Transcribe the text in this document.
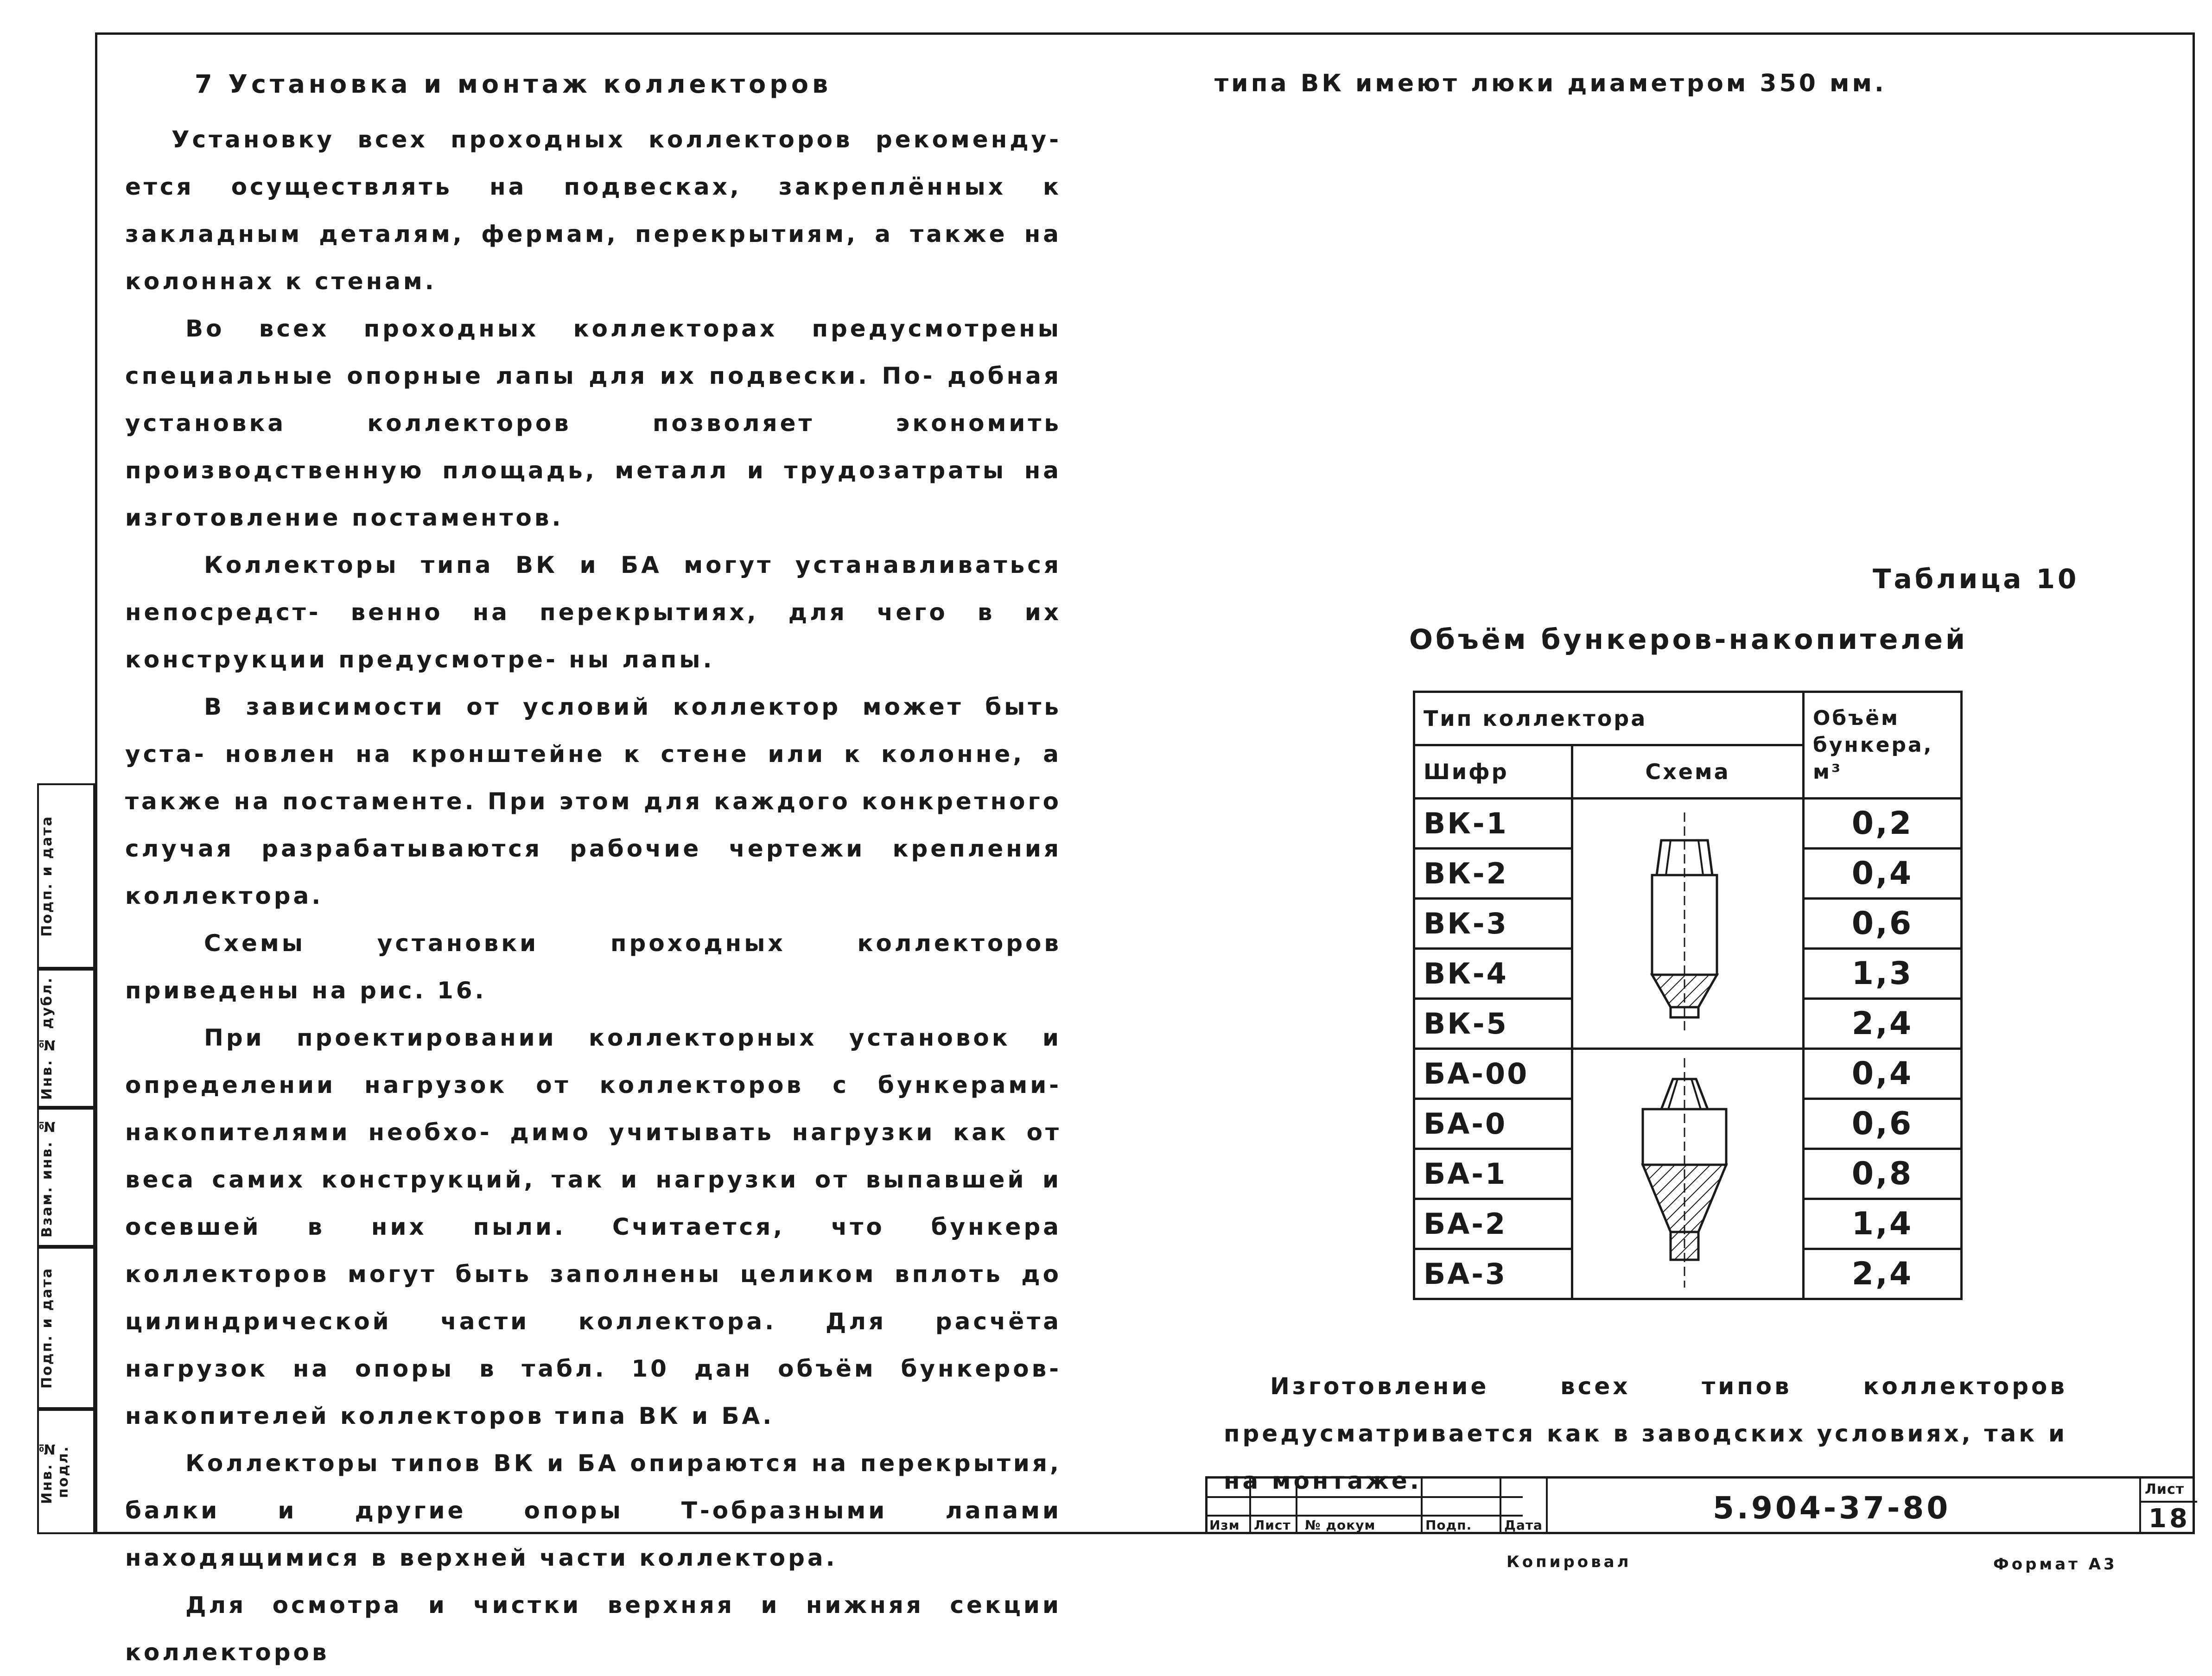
Подп. и дата
Инв. № дубл.
Взам. инв. №
Подп. и дата
Инв. № подл.
7 Установка и монтаж коллекторов
Установку всех проходных коллекторов рекоменду- ется осуществлять на подвесках, закреплённых к закладным деталям, фермам, перекрытиям, а также на колоннах к стенам.
Во всех проходных коллекторах предусмотрены специальные опорные лапы для их подвески. По- добная установка коллекторов позволяет экономить производственную площадь, металл и трудозатраты на изготовление постаментов.
Коллекторы типа ВК и БА могут устанавливаться непосредст- венно на перекрытиях, для чего в их конструкции предусмотре- ны лапы.
В зависимости от условий коллектор может быть уста- новлен на кронштейне к стене или к колонне, а также на постаменте. При этом для каждого конкретного случая разрабатываются рабочие чертежи крепления коллектора.
Схемы установки проходных коллекторов приведены на рис. 16.
При проектировании коллекторных установок и определении нагрузок от коллекторов с бункерами-накопителями необхо- димо учитывать нагрузки как от веса самих конструкций, так и нагрузки от выпавшей и осевшей в них пыли. Считается, что бункера коллекторов могут быть заполнены целиком вплоть до цилиндрической части коллектора. Для расчёта нагрузок на опоры в табл. 10 дан объём бункеров-накопителей коллекторов типа ВК и БА.
Коллекторы типов ВК и БА опираются на перекрытия, балки и другие опоры Т-образными лапами находящимися в верхней части коллектора.
Для осмотра и чистки верхняя и нижняя секции коллекторов
типа ВК имеют люки диаметром 350 мм.
Таблица 10
Объём бункеров-накопителей
Тип коллектора		Объём бункера, м³
Шифр	Схема	
ВК-1		0,2
ВК-2		0,4
ВК-3		0,6
ВК-4		1,3
ВК-5		2,4
БА-00		0,4
БА-0		0,6
БА-1		0,8
БА-2		1,4
БА-3		2,4
Изготовление всех типов коллекторов предусматривается как в заводских условиях, так и на монтаже.
Изм Лист № докум	Подп. Дата	5.904-37-80
Лист
18
Копировал	Формат А3
